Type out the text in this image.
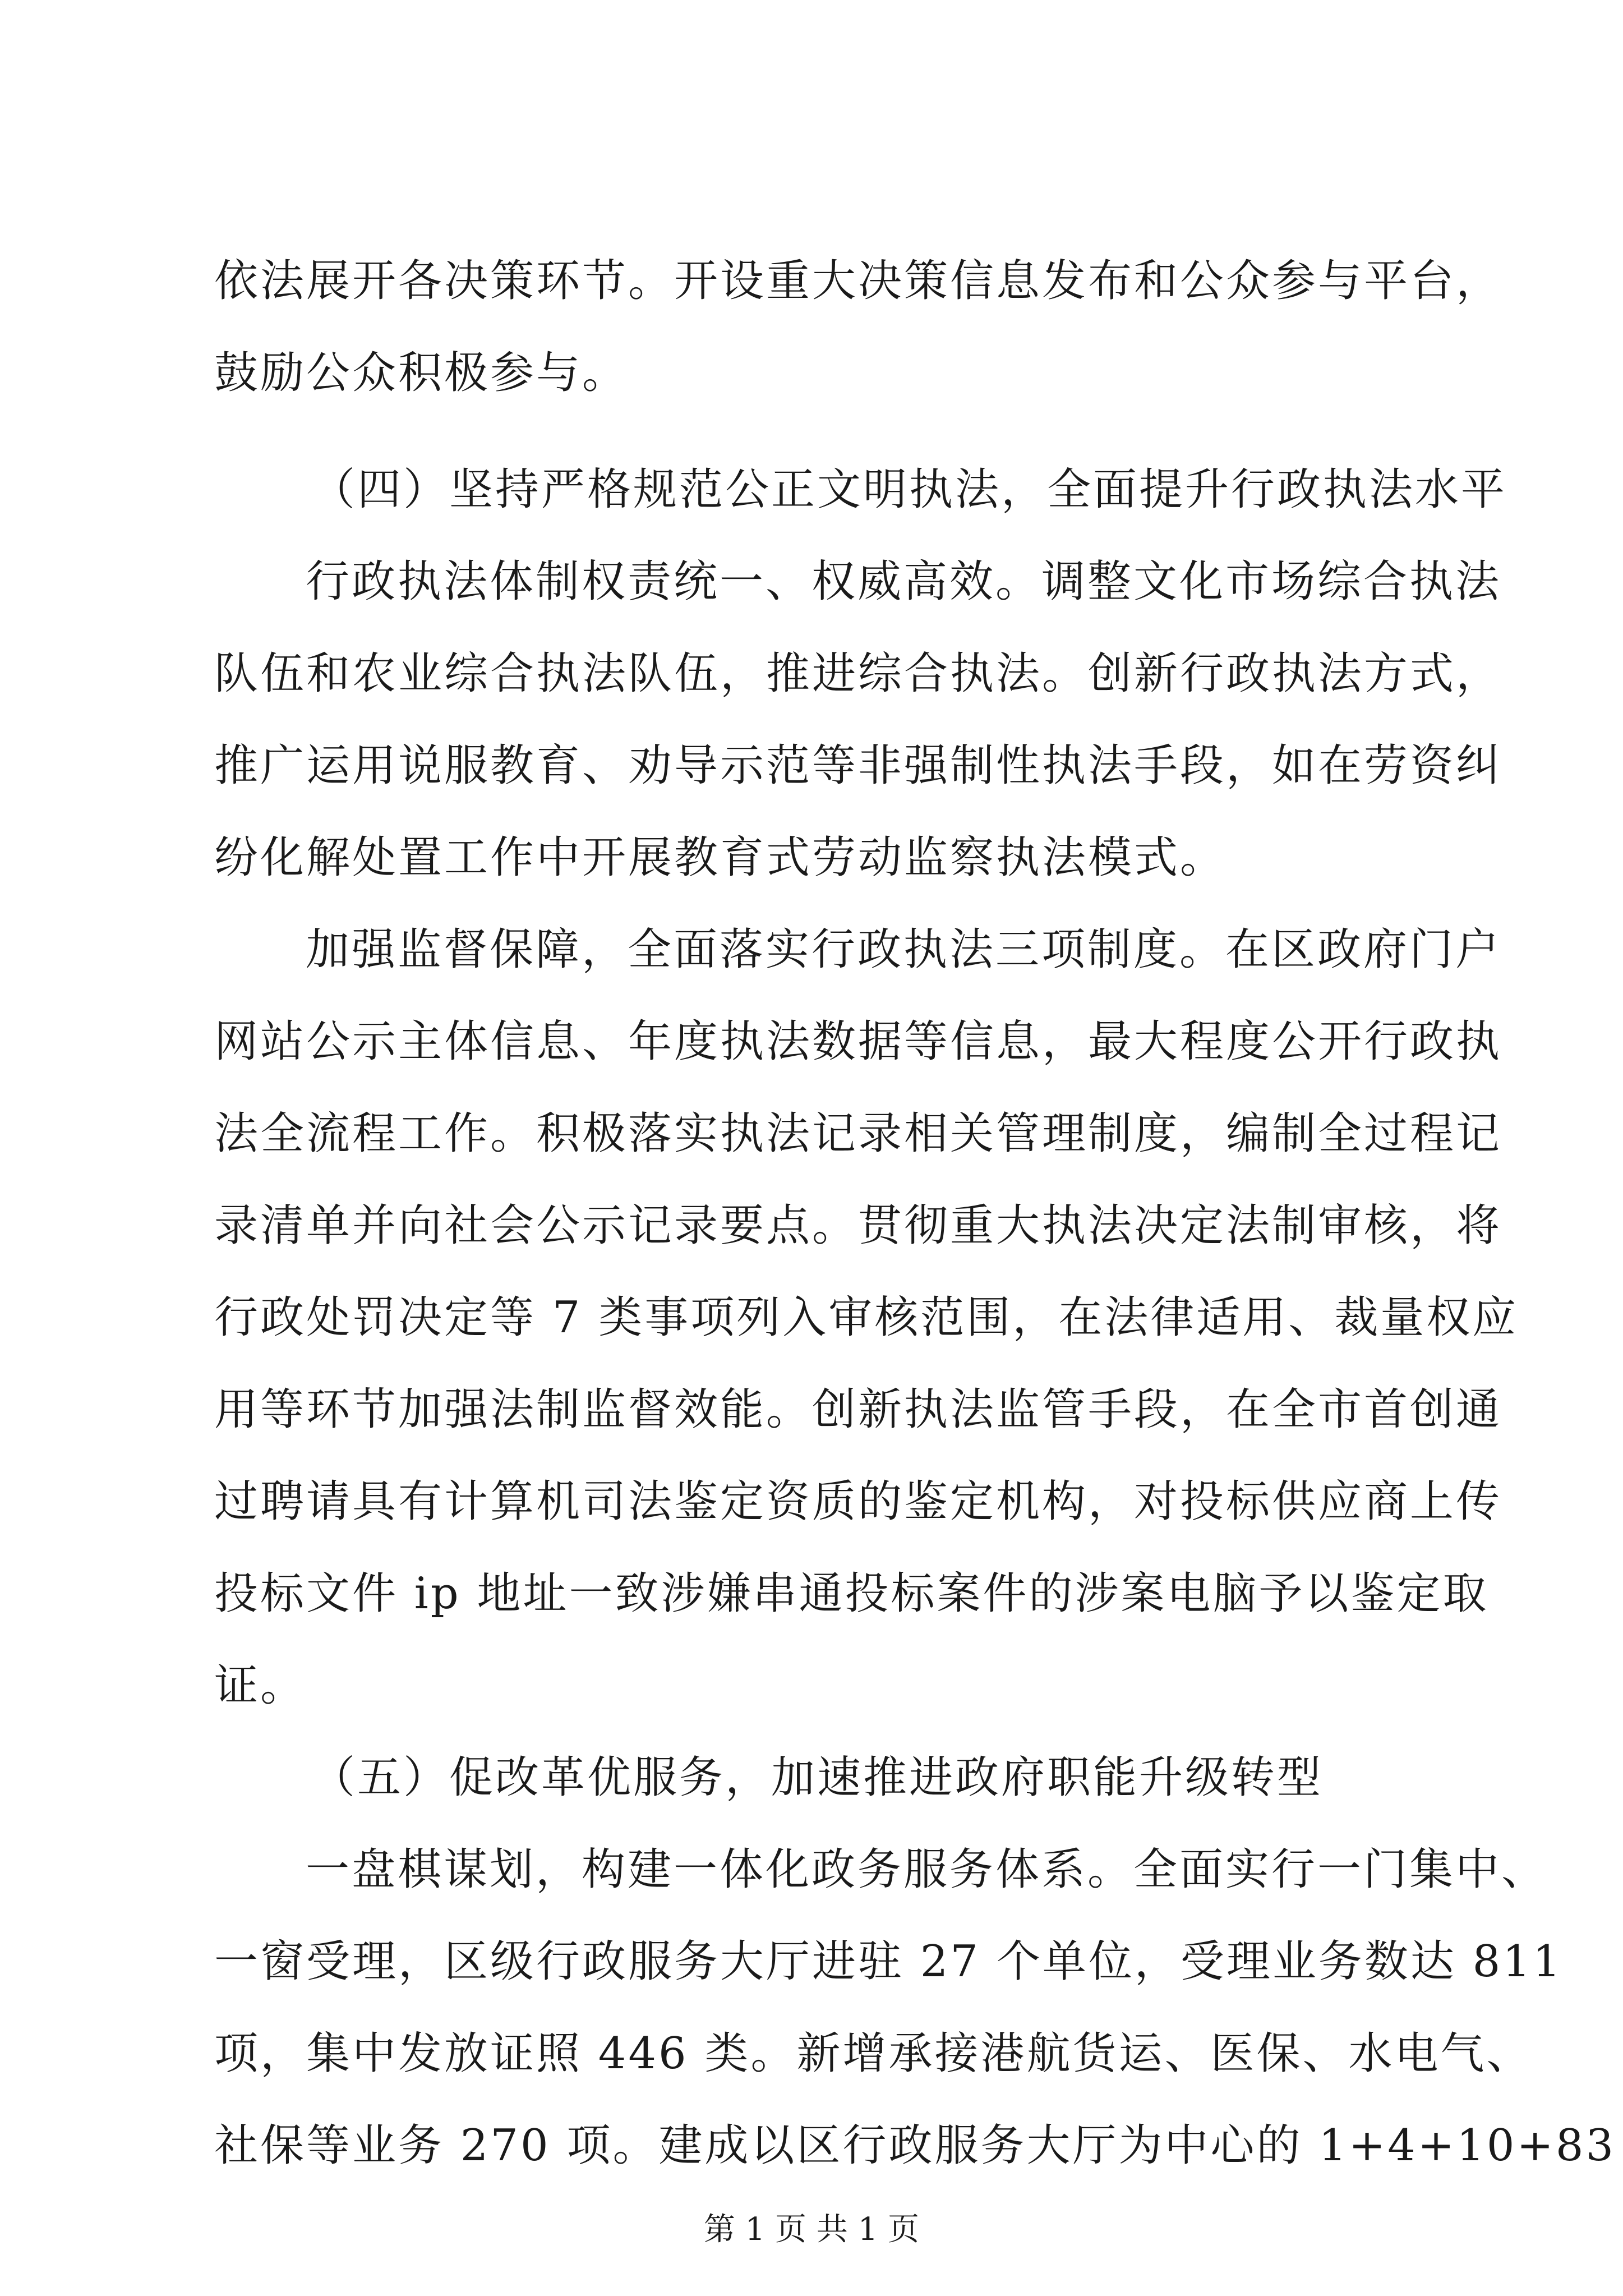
依法展开各决策环节。开设重大决策信息发布和公众参与平台，
鼓励公众积极参与。
（四）坚持严格规范公正文明执法，全面提升行政执法水平
行政执法体制权责统一、权威高效。调整文化市场综合执法
队伍和农业综合执法队伍，推进综合执法。创新行政执法方式，
推广运用说服教育、劝导示范等非强制性执法手段，如在劳资纠
纷化解处置工作中开展教育式劳动监察执法模式。
加强监督保障，全面落实行政执法三项制度。在区政府门户
网站公示主体信息、年度执法数据等信息，最大程度公开行政执
法全流程工作。积极落实执法记录相关管理制度，编制全过程记
录清单并向社会公示记录要点。贯彻重大执法决定法制审核，将
行政处罚决定等 7 类事项列入审核范围，在法律适用、裁量权应
用等环节加强法制监督效能。创新执法监管手段，在全市首创通
过聘请具有计算机司法鉴定资质的鉴定机构，对投标供应商上传
投标文件 ip 地址一致涉嫌串通投标案件的涉案电脑予以鉴定取
证。
（五）促改革优服务，加速推进政府职能升级转型
一盘棋谋划，构建一体化政务服务体系。全面实行一门集中、
一窗受理，区级行政服务大厅进驻 27 个单位，受理业务数达 811
项，集中发放证照 446 类。新增承接港航货运、医保、水电气、
社保等业务 270 项。建成以区行政服务大厅为中心的 1+4+10+83
第 1 页 共 1 页
